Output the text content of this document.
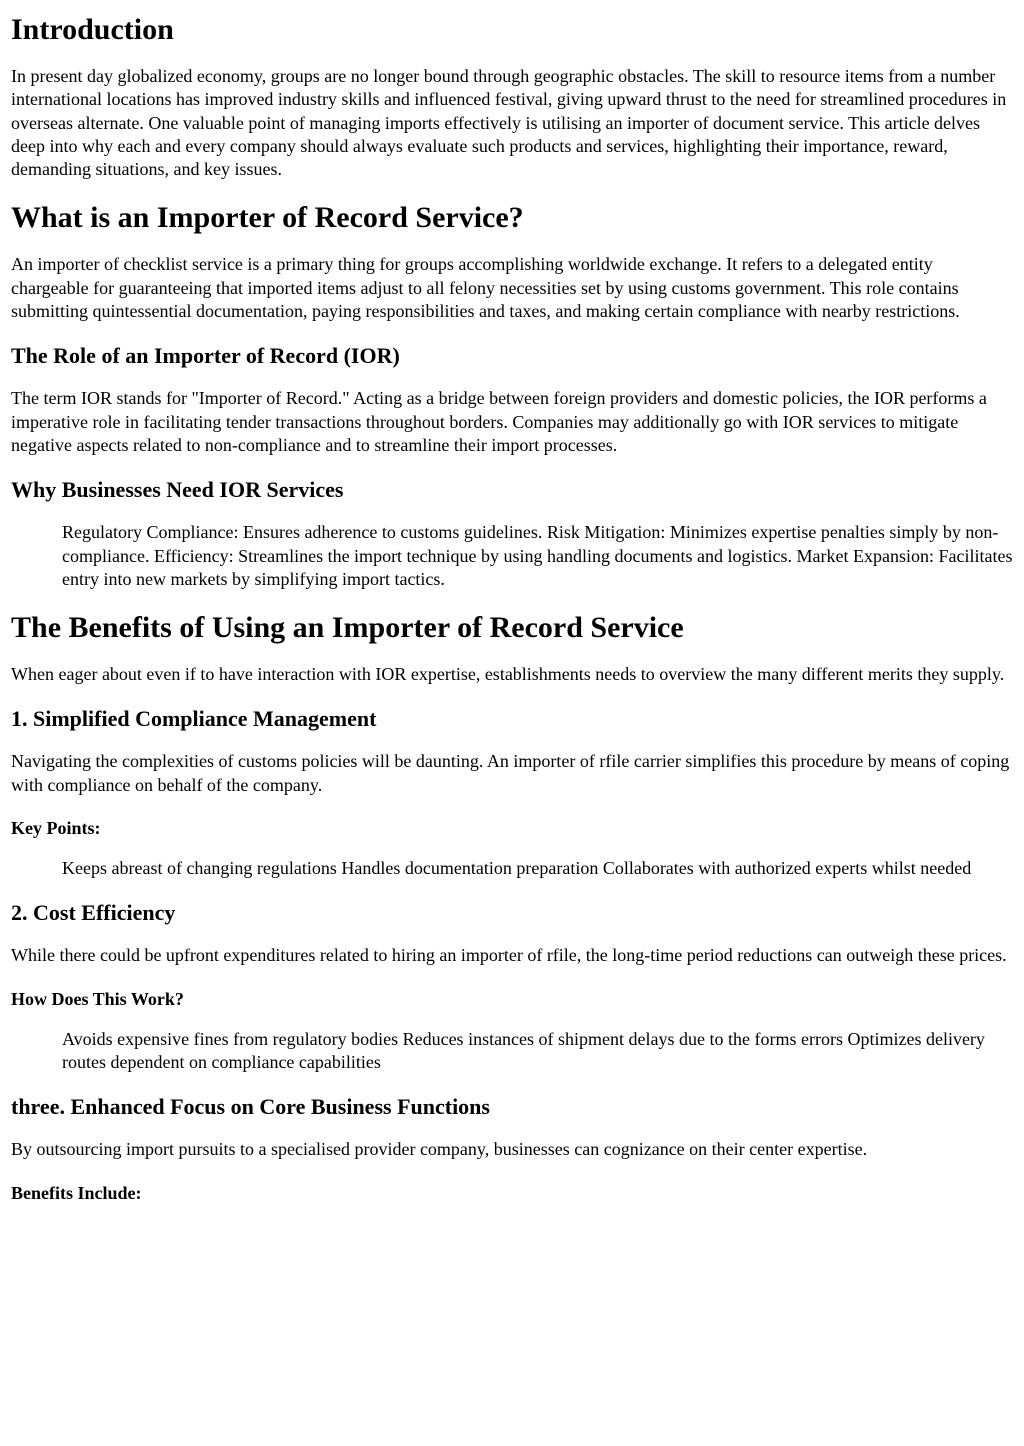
Introduction

In present day globalized economy, groups are no longer bound through geographic obstacles. The skill to resource items from a number international locations has improved industry skills and influenced festival, giving upward thrust to the need for streamlined procedures in overseas alternate. One valuable point of managing imports effectively is utilising an importer of document service. This article delves deep into why each and every company should always evaluate such products and services, highlighting their importance, reward, demanding situations, and key issues.

What is an Importer of Record Service?

An importer of checklist service is a primary thing for groups accomplishing worldwide exchange. It refers to a delegated entity chargeable for guaranteeing that imported items adjust to all felony necessities set by using customs government. This role contains submitting quintessential documentation, paying responsibilities and taxes, and making certain compliance with nearby restrictions.

The Role of an Importer of Record (IOR)

The term IOR stands for "Importer of Record." Acting as a bridge between foreign providers and domestic policies, the IOR performs a imperative role in facilitating tender transactions throughout borders. Companies may additionally go with IOR services to mitigate negative aspects related to non-compliance and to streamline their import processes.

Why Businesses Need IOR Services
Regulatory Compliance: Ensures adherence to customs guidelines. Risk Mitigation: Minimizes expertise penalties simply by non-compliance. Efficiency: Streamlines the import technique by using handling documents and logistics. Market Expansion: Facilitates entry into new markets by simplifying import tactics.
The Benefits of Using an Importer of Record Service

When eager about even if to have interaction with IOR expertise, establishments needs to overview the many different merits they supply.

1. Simplified Compliance Management

Navigating the complexities of customs policies will be daunting. An importer of rfile carrier simplifies this procedure by means of coping with compliance on behalf of the company.

Key Points:
Keeps abreast of changing regulations Handles documentation preparation Collaborates with authorized experts whilst needed
2. Cost Efficiency

While there could be upfront expenditures related to hiring an importer of rfile, the long-time period reductions can outweigh these prices.

How Does This Work?
Avoids expensive fines from regulatory bodies Reduces instances of shipment delays due to the forms errors Optimizes delivery routes dependent on compliance capabilities
three. Enhanced Focus on Core Business Functions

By outsourcing import pursuits to a specialised provider company, businesses can cognizance on their center expertise.

Benefits Include:
